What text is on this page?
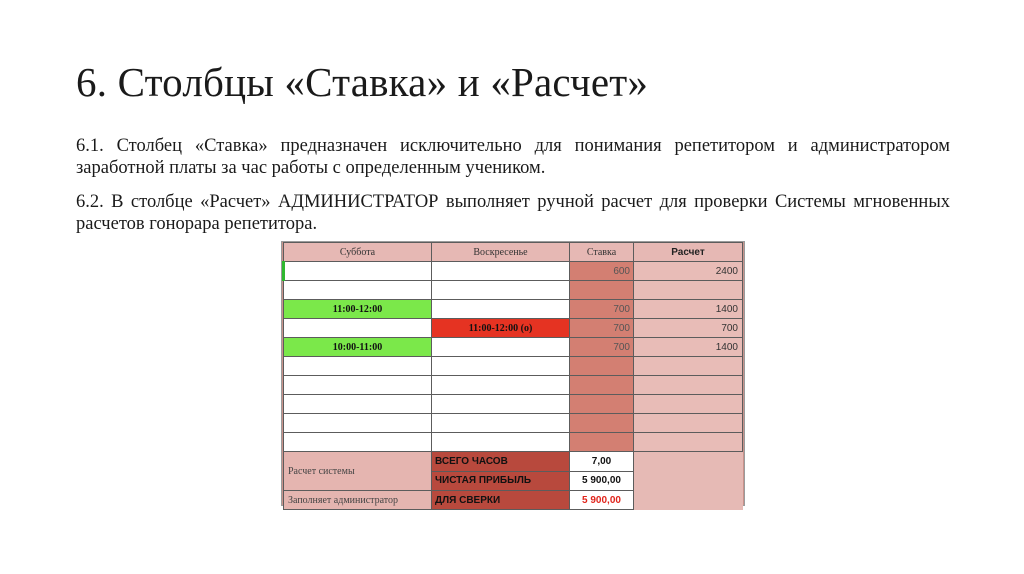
6. Столбцы «Ставка» и «Расчет»
6.1. Столбец «Ставка» предназначен исключительно для понимания репетитором и администратором заработной платы за час работы с определенным учеником.
6.2. В столбце «Расчет» АДМИНИСТРАТОР выполняет ручной расчет для проверки Системы мгновенных расчетов гонорара репетитора.
Суббота	Воскресенье	Ставка	Расчет
		600	2400

11:00-12:00		700	1400
	11:00-12:00 (о)	700	700
10:00-11:00		700	1400

Расчет системы	ВСЕГО ЧАСОВ	7,00	
	ЧИСТАЯ ПРИБЫЛЬ	5 900,00	
Заполняет администратор	ДЛЯ СВЕРКИ	5 900,00	
